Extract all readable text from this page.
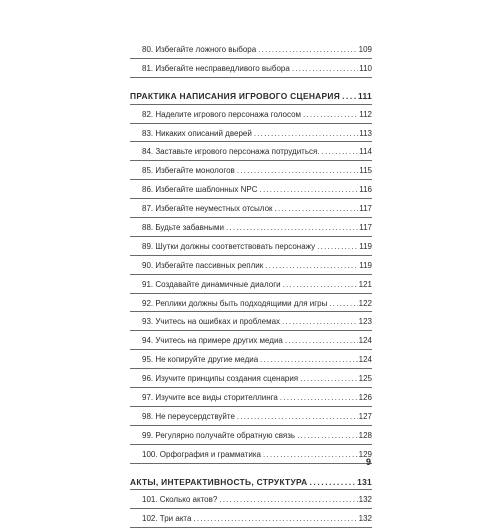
80. Избегайте ложного выбора .....	109
81. Избегайте несправедливого выбора .....	110
ПРАКТИКА НАПИСАНИЯ ИГРОВОГО СЦЕНАРИЯ ..... 111
82. Наделите игрового персонажа голосом .....	112
83. Никаких описаний дверей .....	113
84. Заставьте игрового персонажа потрудиться. .....	114
85. Избегайте монологов .....	115
86. Избегайте шаблонных NPC .....	116
87. Избегайте неуместных отсылок .....	117
88. Будьте забавными .....	117
89. Шутки должны соответствовать персонажу .....	119
90. Избегайте пассивных реплик .....	119
91. Создавайте динамичные диалоги .....	121
92. Реплики должны быть подходящими для игры .....	122
93. Учитесь на ошибках и проблемах .....	123
94. Учитесь на примере других медиа .....	124
95. Не копируйте другие медиа .....	124
96. Изучите принципы создания сценария .....	125
97. Изучите все виды сторителлинга .....	126
98. Не переусердствуйте .....	127
99. Регулярно получайте обратную связь .....	128
100. Орфография и грамматика .....	129
АКТЫ, ИНТЕРАКТИВНОСТЬ, СТРУКТУРА .....	131
101. Сколько актов? .....	132
102. Три акта .....	132
9
